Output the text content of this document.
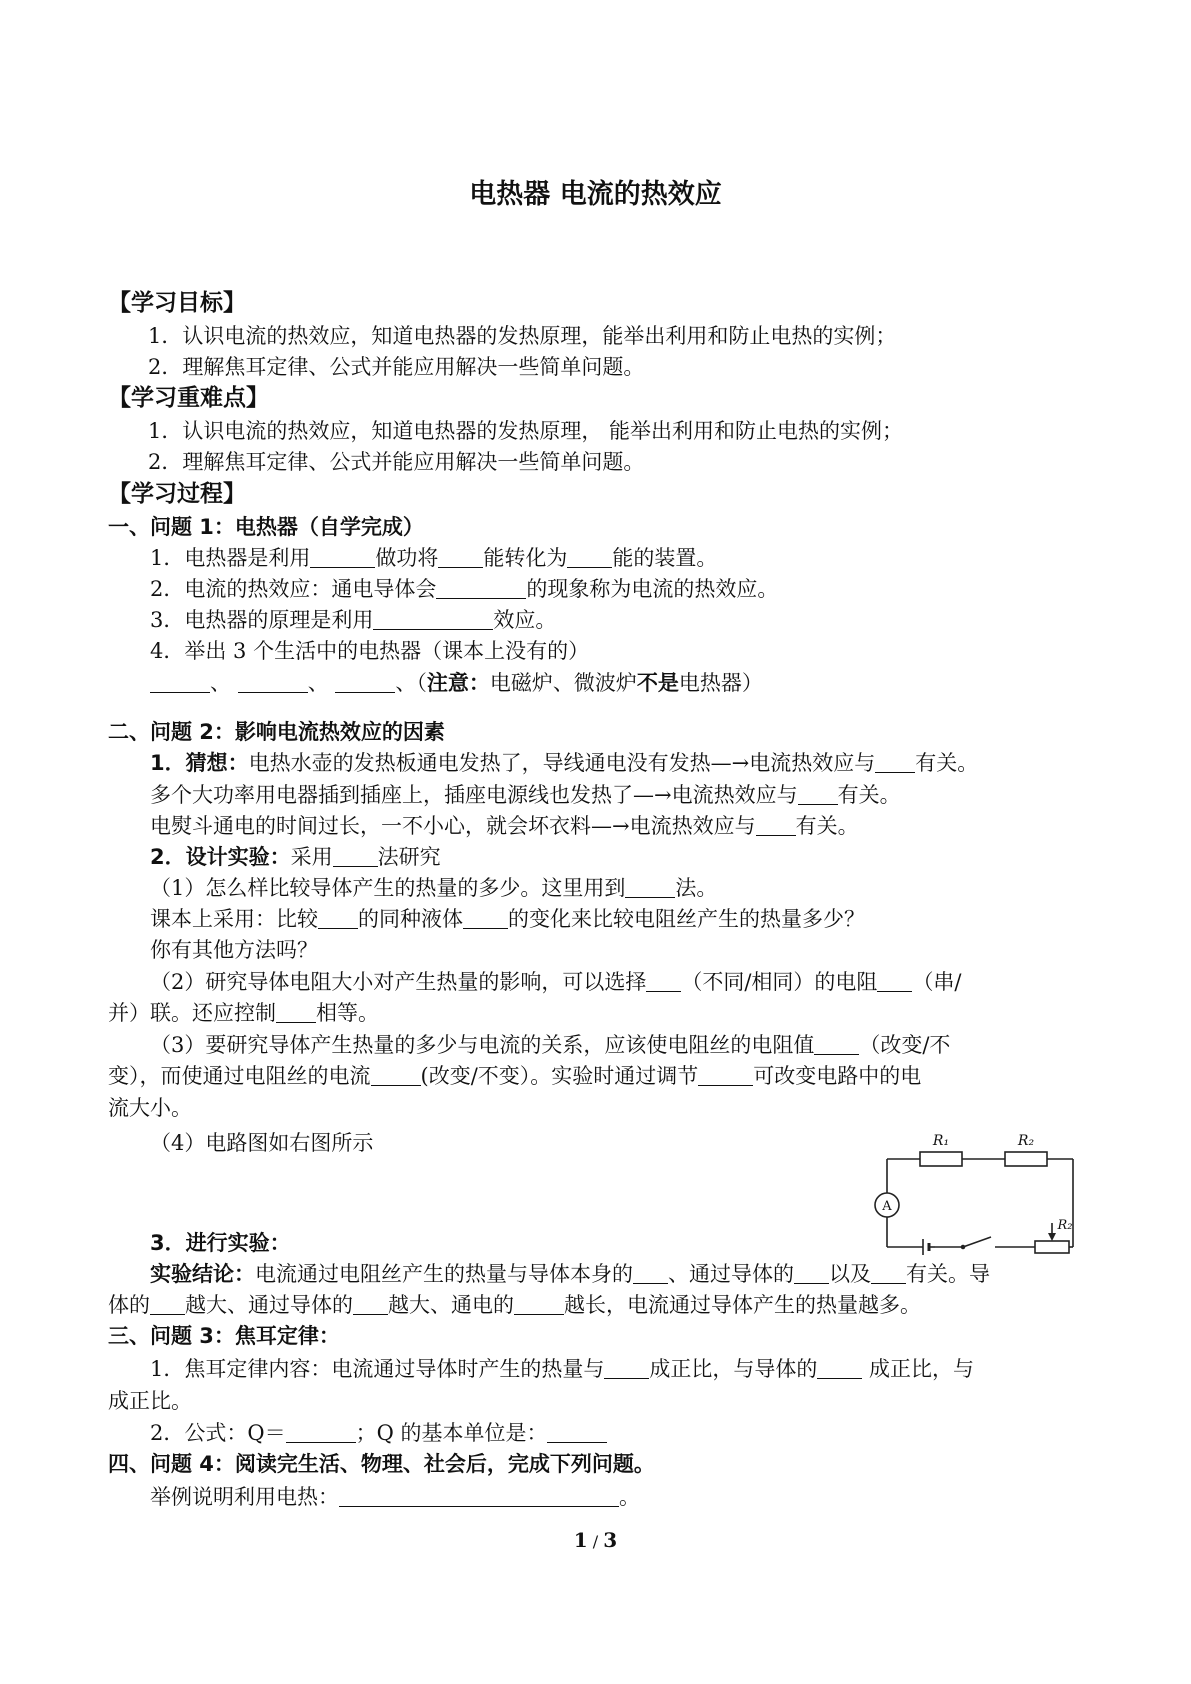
电热器 电流的热效应
【学习目标】
1．认识电流的热效应，知道电热器的发热原理，能举出利用和防止电热的实例；
2．理解焦耳定律、公式并能应用解决一些简单问题。
【学习重难点】
1．认识电流的热效应，知道电热器的发热原理， 能举出利用和防止电热的实例；
2．理解焦耳定律、公式并能应用解决一些简单问题。
【学习过程】
一、问题 1：电热器（自学完成）
1．电热器是利用	做功将 能转化为 能的装置。
2．电流的热效应：通电导体会	的现象称为电流的热效应。
3．电热器的原理是利用	效应。
4．举出 3 个生活中的电热器（课本上没有的）
、	、	、（注意：电磁炉、微波炉不是电热器）
二、问题 2：影响电流热效应的因素
1．猜想：电热水壶的发热板通电发热了，导线通电没有发热—→电流热效应与 有关。
多个大功率用电器插到插座上，插座电源线也发热了—→电流热效应与 有关。
电熨斗通电的时间过长，一不小心，就会坏衣料—→电流热效应与 有关。
2．设计实验：采用 法研究
（1）怎么样比较导体产生的热量的多少。这里用到 法。
课本上采用：比较 的同种液体 的变化来比较电阻丝产生的热量多少？
你有其他方法吗？
（2）研究导体电阻大小对产生热量的影响，可以选择 （不同/相同）的电阻 （串/
并）联。还应控制 相等。
（3）要研究导体产生热量的多少与电流的关系，应该使电阻丝的电阻值 （改变/不
变），而使通过电阻丝的电流 (改变/不变）。实验时通过调节	可改变电路中的电
流大小。
（4）电路图如右图所示	R₁	R₂
R₂
A
3．进行实验：
实验结论：电流通过电阻丝产生的热量与导体本身的 、通过导体的 以及 有关。导
体的 越大、通过导体的 越大、通电的 越长，电流通过导体产生的热量越多。
三、问题 3：焦耳定律：
1．焦耳定律内容：电流通过导体时产生的热量与 成正比，与导体的 成正比，与
成正比。
2．公式：Q＝	；Q 的基本单位是：
四、问题 4：阅读完生活、物理、社会后，完成下列问题。
举例说明利用电热：	。
1 / 3
